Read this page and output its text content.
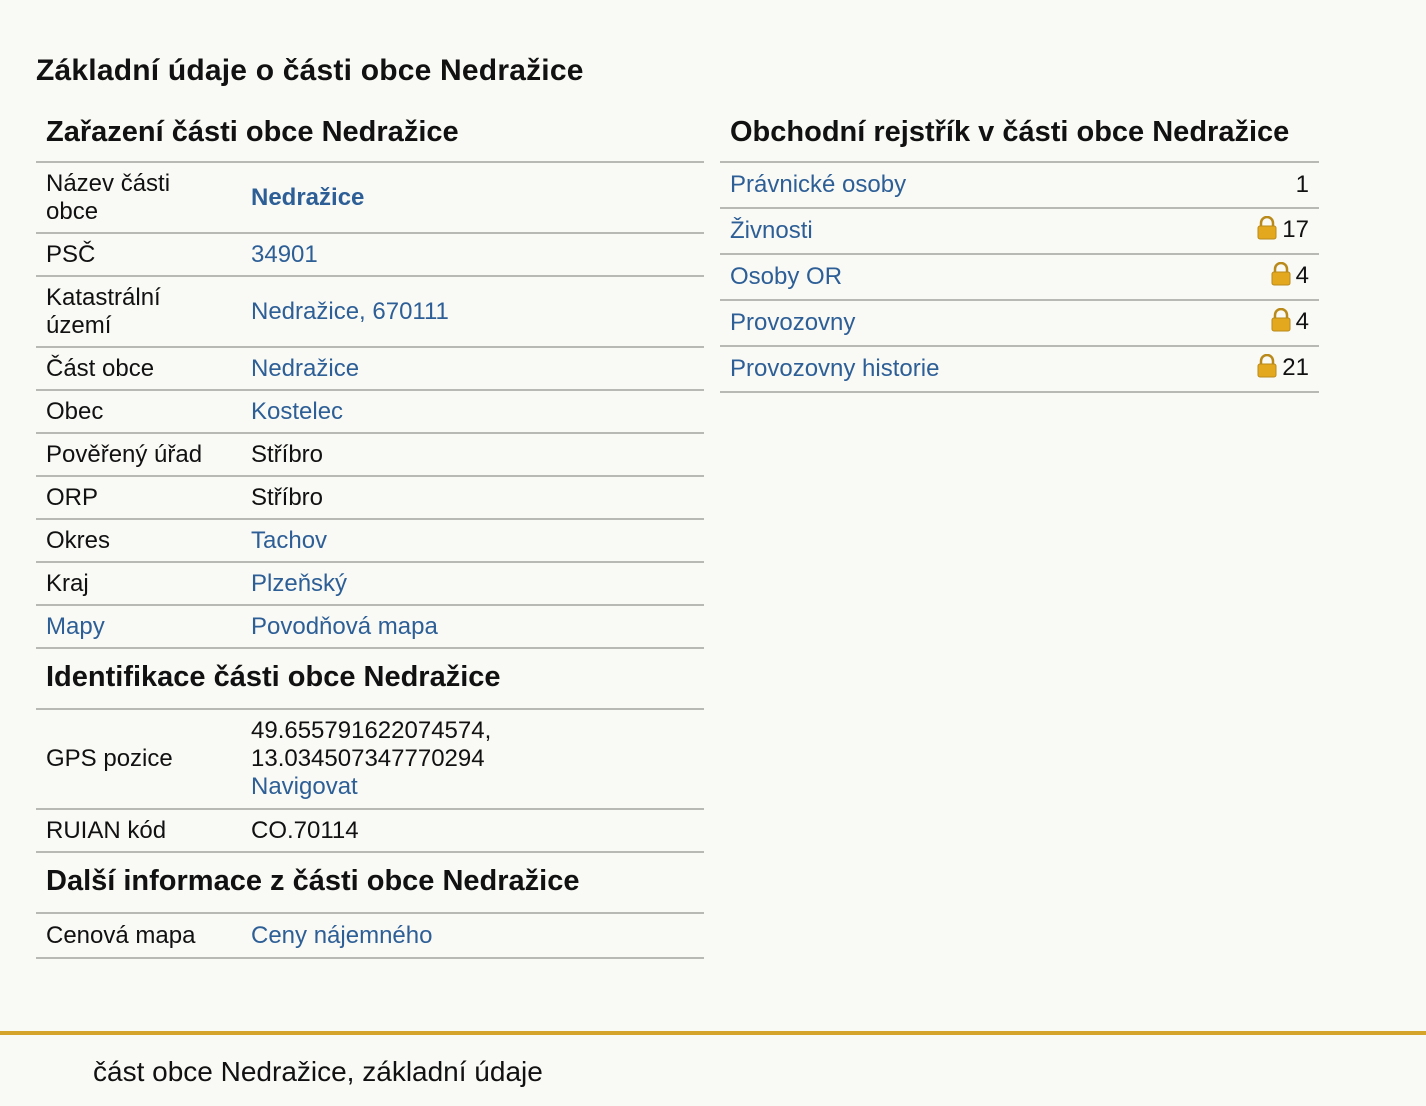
Základní údaje o části obce Nedražice
Zařazení části obce Nedražice
Název části obce	Nedražice
PSČ	34901
Katastrální území	Nedražice, 670111
Část obce	Nedražice
Obec	Kostelec
Pověřený úřad	Stříbro
ORP	Stříbro
Okres	Tachov
Kraj	Plzeňský
Mapy	Povodňová mapa
Identifikace části obce Nedražice
GPS pozice	49.655791622074574,
13.034507347770294
Navigovat
RUIAN kód	CO.70114
Další informace z části obce Nedražice
Cenová mapa	Ceny nájemného
Obchodní rejstřík v části obce Nedražice
Právnické osoby	1
Živnosti	17
Osoby OR	4
Provozovny	4
Provozovny historie	21
část obce Nedražice, základní údaje
